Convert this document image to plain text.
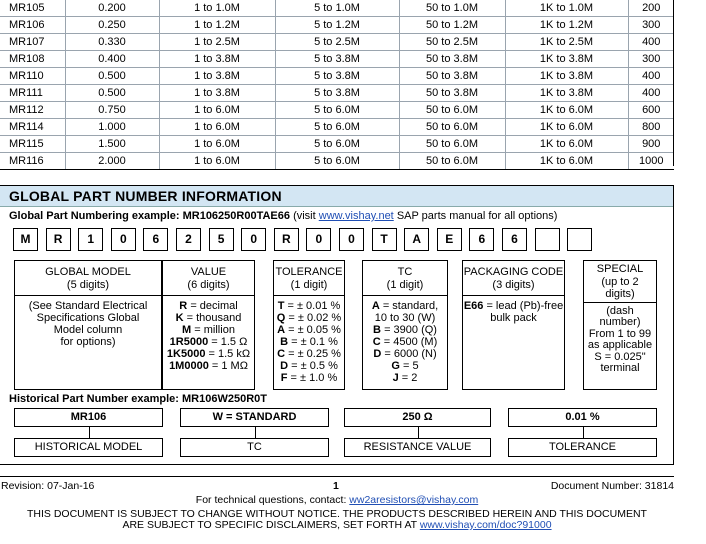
MR105	0.200	1 to 1.0M	5 to 1.0M	50 to 1.0M	1K to 1.0M	200
MR106	0.250	1 to 1.2M	5 to 1.2M	50 to 1.2M	1K to 1.2M	300
MR107	0.330	1 to 2.5M	5 to 2.5M	50 to 2.5M	1K to 2.5M	400
MR108	0.400	1 to 3.8M	5 to 3.8M	50 to 3.8M	1K to 3.8M	300
MR110	0.500	1 to 3.8M	5 to 3.8M	50 to 3.8M	1K to 3.8M	400
MR111	0.500	1 to 3.8M	5 to 3.8M	50 to 3.8M	1K to 3.8M	400
MR112	0.750	1 to 6.0M	5 to 6.0M	50 to 6.0M	1K to 6.0M	600
MR114	1.000	1 to 6.0M	5 to 6.0M	50 to 6.0M	1K to 6.0M	800
MR115	1.500	1 to 6.0M	5 to 6.0M	50 to 6.0M	1K to 6.0M	900
MR116	2.000	1 to 6.0M	5 to 6.0M	50 to 6.0M	1K to 6.0M	1000
GLOBAL PART NUMBER INFORMATION
Global Part Numbering example: MR106250R00TAE66 (visit www.vishay.net SAP parts manual for all options)
M	R	1	0	6	2	5	0	R	0	0	T	A	E	6	6
GLOBAL MODEL
(5 digits)
(See Standard Electrical
Specifications Global
Model column
for options)
VALUE
(6 digits)
R = decimal
K = thousand
M = million
1R5000 = 1.5 Ω
1K5000 = 1.5 kΩ
1M0000 = 1 MΩ
TOLERANCE
(1 digit)
T = ± 0.01 %
Q = ± 0.02 %
A = ± 0.05 %
B = ± 0.1 %
C = ± 0.25 %
D = ± 0.5 %
F = ± 1.0 %
TC
(1 digit)
A = standard,
10 to 30 (W)
B = 3900 (Q)
C = 4500 (M)
D = 6000 (N)
G = 5
J = 2
PACKAGING CODE
(3 digits)
E66 = lead (Pb)-free
bulk pack
SPECIAL
(up to 2
digits)
(dash
number)
From 1 to 99
as applicable
S = 0.025"
terminal
Historical Part Number example: MR106W250R0T
MR106
HISTORICAL MODEL
W = STANDARD
TC
250 Ω
RESISTANCE VALUE
0.01 %
TOLERANCE
Revision: 07-Jan-16	1	Document Number: 31814
For technical questions, contact: ww2aresistors@vishay.com
THIS DOCUMENT IS SUBJECT TO CHANGE WITHOUT NOTICE. THE PRODUCTS DESCRIBED HEREIN AND THIS DOCUMENT
ARE SUBJECT TO SPECIFIC DISCLAIMERS, SET FORTH AT www.vishay.com/doc?91000
